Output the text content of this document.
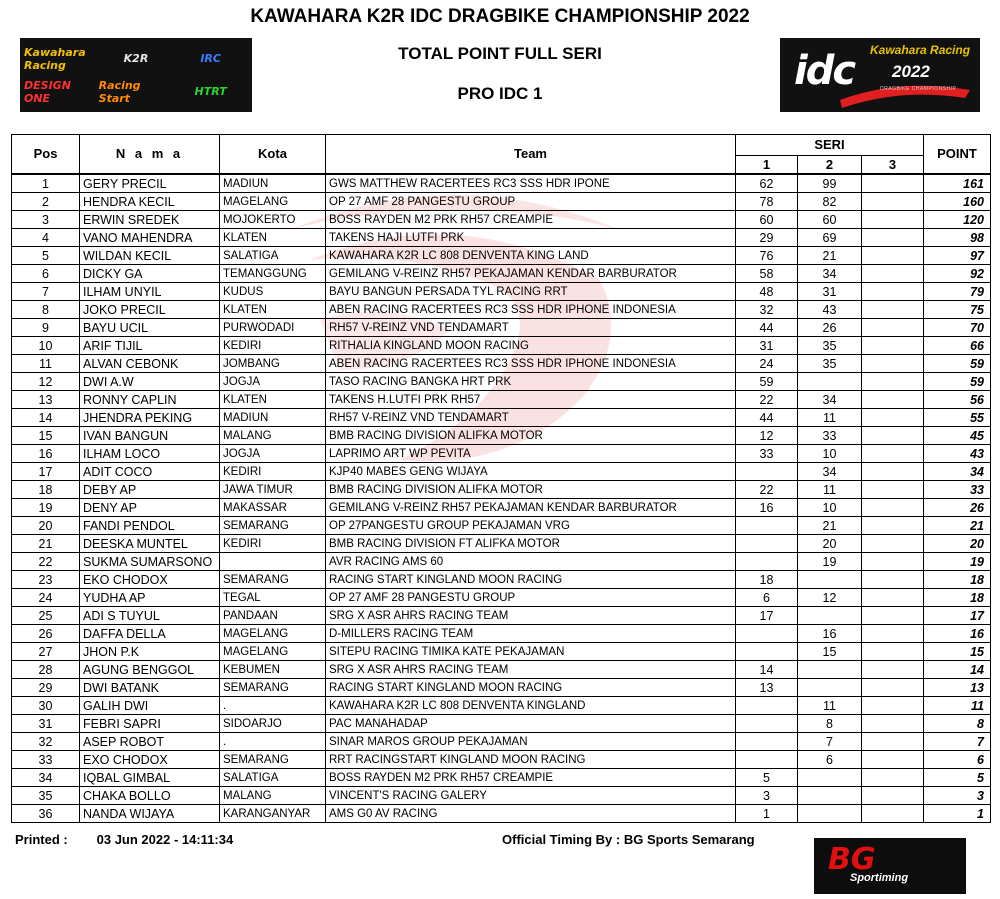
KAWAHARA K2R IDC DRAGBIKE CHAMPIONSHIP 2022
TOTAL POINT FULL SERI
PRO IDC 1
Kawahara Racing	K2R	IRC
DESIGN ONE
Racing Start	HTRT	idc Kawahara Racing
2022
DRAGBIKE CHAMPIONSHIP
Pos	N a m a	Kota	Team	SERI			POINT
				1	2	3	
1	GERY PRECIL	MADIUN	GWS MATTHEW RACERTEES RC3 SSS HDR IPONE	62	99		161
2	HENDRA KECIL	MAGELANG	OP 27 AMF 28 PANGESTU GROUP	78	82		160
3	ERWIN SREDEK	MOJOKERTO	BOSS RAYDEN M2 PRK RH57 CREAMPIE	60	60		120
4	VANO MAHENDRA	KLATEN	TAKENS HAJI LUTFI PRK	29	69		98
5	WILDAN KECIL	SALATIGA	KAWAHARA K2R LC 808 DENVENTA KING LAND	76	21		97
6	DICKY GA	TEMANGGUNG	GEMILANG V-REINZ RH57 PEKAJAMAN KENDAR BARBURATOR	58	34		92
7	ILHAM UNYIL	KUDUS	BAYU BANGUN PERSADA TYL RACING RRT	48	31		79
8	JOKO PRECIL	KLATEN	ABEN RACING RACERTEES RC3 SSS HDR IPHONE INDONESIA	32	43		75
9	BAYU UCIL	PURWODADI	RH57 V-REINZ VND TENDAMART	44	26		70
10	ARIF TIJIL	KEDIRI	RITHALIA KINGLAND MOON RACING	31	35		66
11	ALVAN CEBONK	JOMBANG	ABEN RACING RACERTEES RC3 SSS HDR IPHONE INDONESIA	24	35		59
12	DWI A.W	JOGJA	TASO RACING BANGKA HRT PRK	59			59
13	RONNY CAPLIN	KLATEN	TAKENS H.LUTFI PRK RH57	22	34		56
14	JHENDRA PEKING	MADIUN	RH57 V-REINZ VND TENDAMART	44	11		55
15	IVAN BANGUN	MALANG	BMB RACING DIVISION ALIFKA MOTOR	12	33		45
16	ILHAM LOCO	JOGJA	LAPRIMO ART WP PEVITA	33	10		43
17	ADIT COCO	KEDIRI	KJP40 MABES GENG WIJAYA		34		34
18	DEBY AP	JAWA TIMUR	BMB RACING DIVISION ALIFKA MOTOR	22	11		33
19	DENY AP	MAKASSAR	GEMILANG V-REINZ RH57 PEKAJAMAN KENDAR BARBURATOR	16	10		26
20	FANDI PENDOL	SEMARANG	OP 27PANGESTU GROUP PEKAJAMAN VRG		21		21
21	DEESKA MUNTEL	KEDIRI	BMB RACING DIVISION FT ALIFKA MOTOR		20		20
22	SUKMA SUMARSONO		AVR RACING AMS 60		19		19
23	EKO CHODOX	SEMARANG	RACING START KINGLAND MOON RACING	18			18
24	YUDHA AP	TEGAL	OP 27 AMF 28 PANGESTU GROUP	6	12		18
25	ADI S TUYUL	PANDAAN	SRG X ASR AHRS RACING TEAM	17			17
26	DAFFA DELLA	MAGELANG	D-MILLERS RACING TEAM		16		16
27	JHON P.K	MAGELANG	SITEPU RACING TIMIKA KATE PEKAJAMAN		15		15
28	AGUNG BENGGOL	KEBUMEN	SRG X ASR AHRS RACING TEAM	14			14
29	DWI BATANK	SEMARANG	RACING START KINGLAND MOON RACING	13			13
30	GALIH DWI	.	KAWAHARA K2R LC 808 DENVENTA KINGLAND		11		11
31	FEBRI SAPRI	SIDOARJO	PAC MANAHADAP		8		8
32	ASEP ROBOT	.	SINAR MAROS GROUP PEKAJAMAN		7		7
33	EXO CHODOX	SEMARANG	RRT RACINGSTART KINGLAND MOON RACING		6		6
34	IQBAL GIMBAL	SALATIGA	BOSS RAYDEN M2 PRK RH57 CREAMPIE	5			5
35	CHAKA BOLLO	MALANG	VINCENT'S RACING GALERY	3			3
36	NANDA WIJAYA	KARANGANYAR	AMS G0 AV RACING	1			1
Printed : 03 Jun 2022 - 14:11:34	Official Timing By : BG Sports Semarang
BG
Sportiming
